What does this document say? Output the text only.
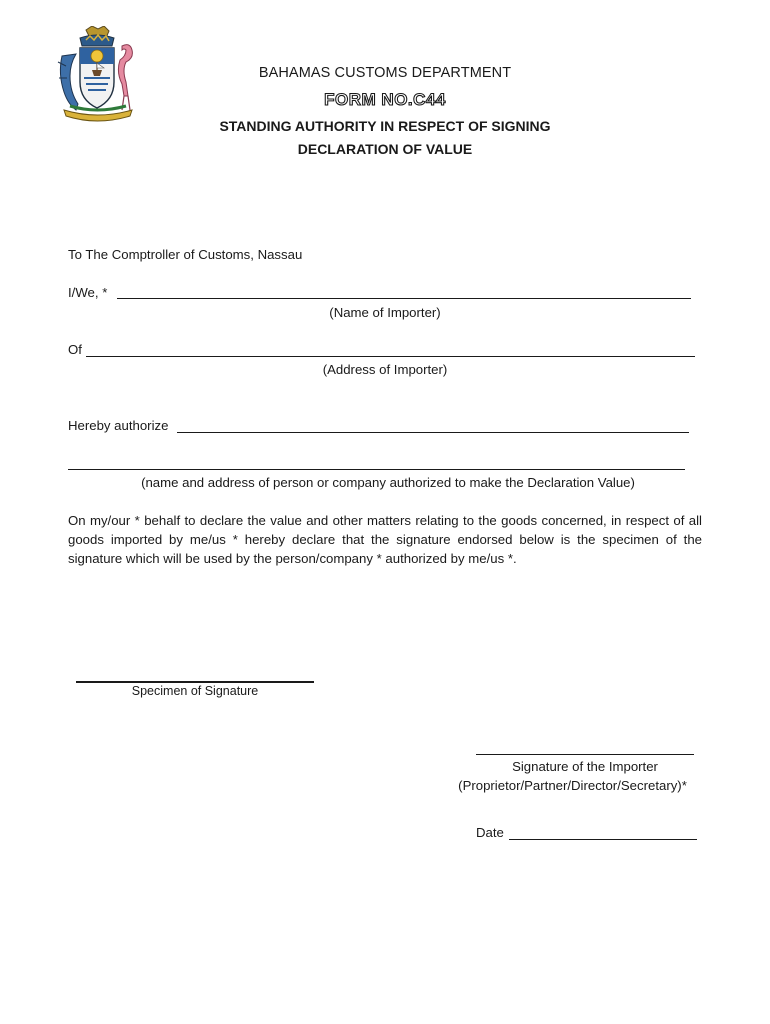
BAHAMAS CUSTOMS DEPARTMENT
FORM NO.C44
STANDING AUTHORITY IN RESPECT OF SIGNING
DECLARATION OF VALUE
To The Comptroller of Customs, Nassau
I/We, *
(Name of Importer)
Of
(Address of Importer)
Hereby authorize
(name and address of person or company authorized to make the Declaration Value)
On my/our * behalf to declare the value and other matters relating to the goods concerned, in respect of all goods imported by me/us * hereby declare that the signature endorsed below is the specimen of the signature which will be used by the person/company * authorized by me/us *.
Specimen of Signature
Signature of the Importer
(Proprietor/Partner/Director/Secretary)*
Date
